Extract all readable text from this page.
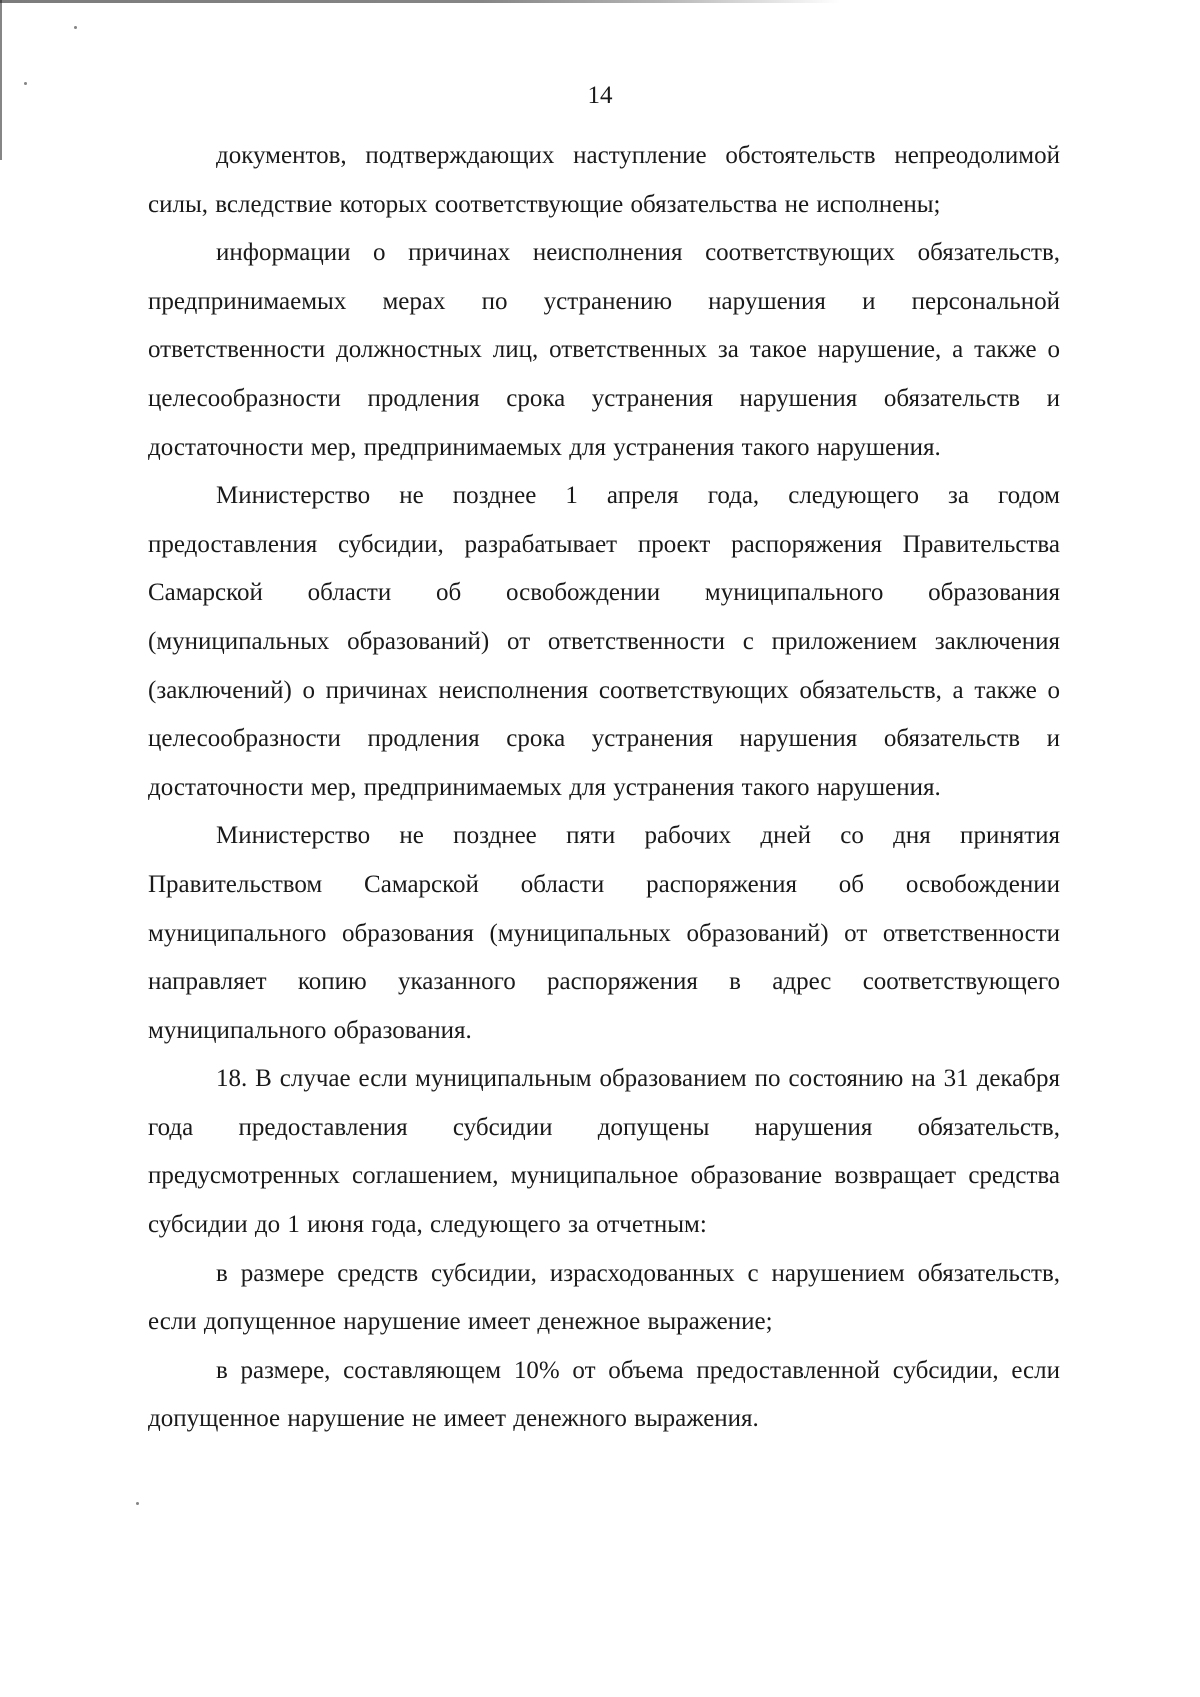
14

документов, подтверждающих наступление обстоятельств непреодолимой силы, вследствие которых соответствующие обязательства не исполнены;

информации о причинах неисполнения соответствующих обязательств, предпринимаемых мерах по устранению нарушения и персональной ответственности должностных лиц, ответственных за такое нарушение, а также о целесообразности продления срока устранения нарушения обязательств и достаточности мер, предпринимаемых для устранения такого нарушения.

Министерство не позднее 1 апреля года, следующего за годом предоставления субсидии, разрабатывает проект распоряжения Правительства Самарской области об освобождении муниципального образования (муниципальных образований) от ответственности с приложением заключения (заключений) о причинах неисполнения соответствующих обязательств, а также о целесообразности продления срока устранения нарушения обязательств и достаточности мер, предпринимаемых для устранения такого нарушения.

Министерство не позднее пяти рабочих дней со дня принятия Правительством Самарской области распоряжения об освобождении муниципального образования (муниципальных образований) от ответственности направляет копию указанного распоряжения в адрес соответствующего муниципального образования.

18. В случае если муниципальным образованием по состоянию на 31 декабря года предоставления субсидии допущены нарушения обязательств, предусмотренных соглашением, муниципальное образование возвращает средства субсидии до 1 июня года, следующего за отчетным:

в размере средств субсидии, израсходованных с нарушением обязательств, если допущенное нарушение имеет денежное выражение;

в размере, составляющем 10% от объема предоставленной субсидии, если допущенное нарушение не имеет денежного выражения.
